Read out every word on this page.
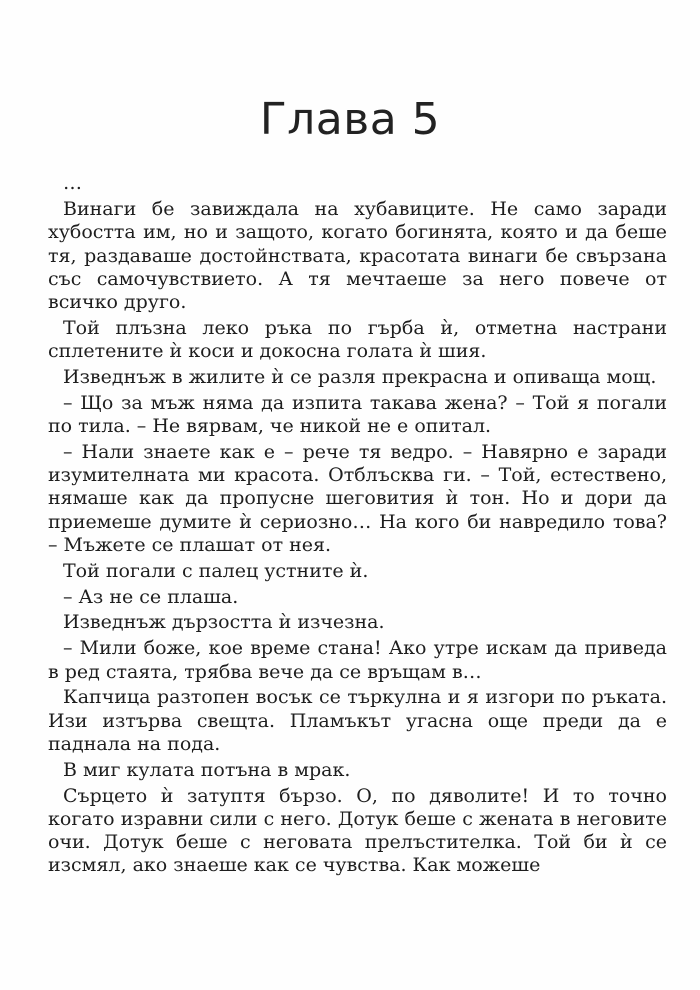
Глава 5

…

Винаги бе завиждала на хубавиците. Не само заради хубостта им, но и защото, когато богинята, която и да беше тя, раздаваше достойнствата, красотата винаги бе свързана със самочувствието. А тя мечтаеше за него повече от всичко друго.

Той плъзна леко ръка по гърба ѝ, отметна настрани сплетените ѝ коси и докосна голата ѝ шия.

Изведнъж в жилите ѝ се разля прекрасна и опиваща мощ.

– Що за мъж няма да изпита такава жена? – Той я погали по тила. – Не вярвам, че никой не е опитал.

– Нали знаете как е – рече тя ведро. – Навярно е заради изумителната ми красота. Отблъсква ги. – Той, естествено, нямаше как да пропусне шеговития ѝ тон. Но и дори да приемеше думите ѝ сериозно… На кого би навредило това? – Мъжете се плашат от нея.

Той погали с палец устните ѝ.

– Аз не се плаша.

Изведнъж дързостта ѝ изчезна.

– Мили боже, кое време стана! Ако утре искам да приведа в ред стаята, трябва вече да се връщам в…

Капчица разтопен восък се търкулна и я изгори по ръката. Изи изтърва свещта. Пламъкът угасна още преди да е паднала на пода.

В миг кулата потъна в мрак.

Сърцето ѝ затуптя бързо. О, по дяволите! И то точно когато изравни сили с него. Дотук беше с жената в неговите очи. Дотук беше с неговата прелъстителка. Той би ѝ се изсмял, ако знаеше как се чувства. Как можеше
